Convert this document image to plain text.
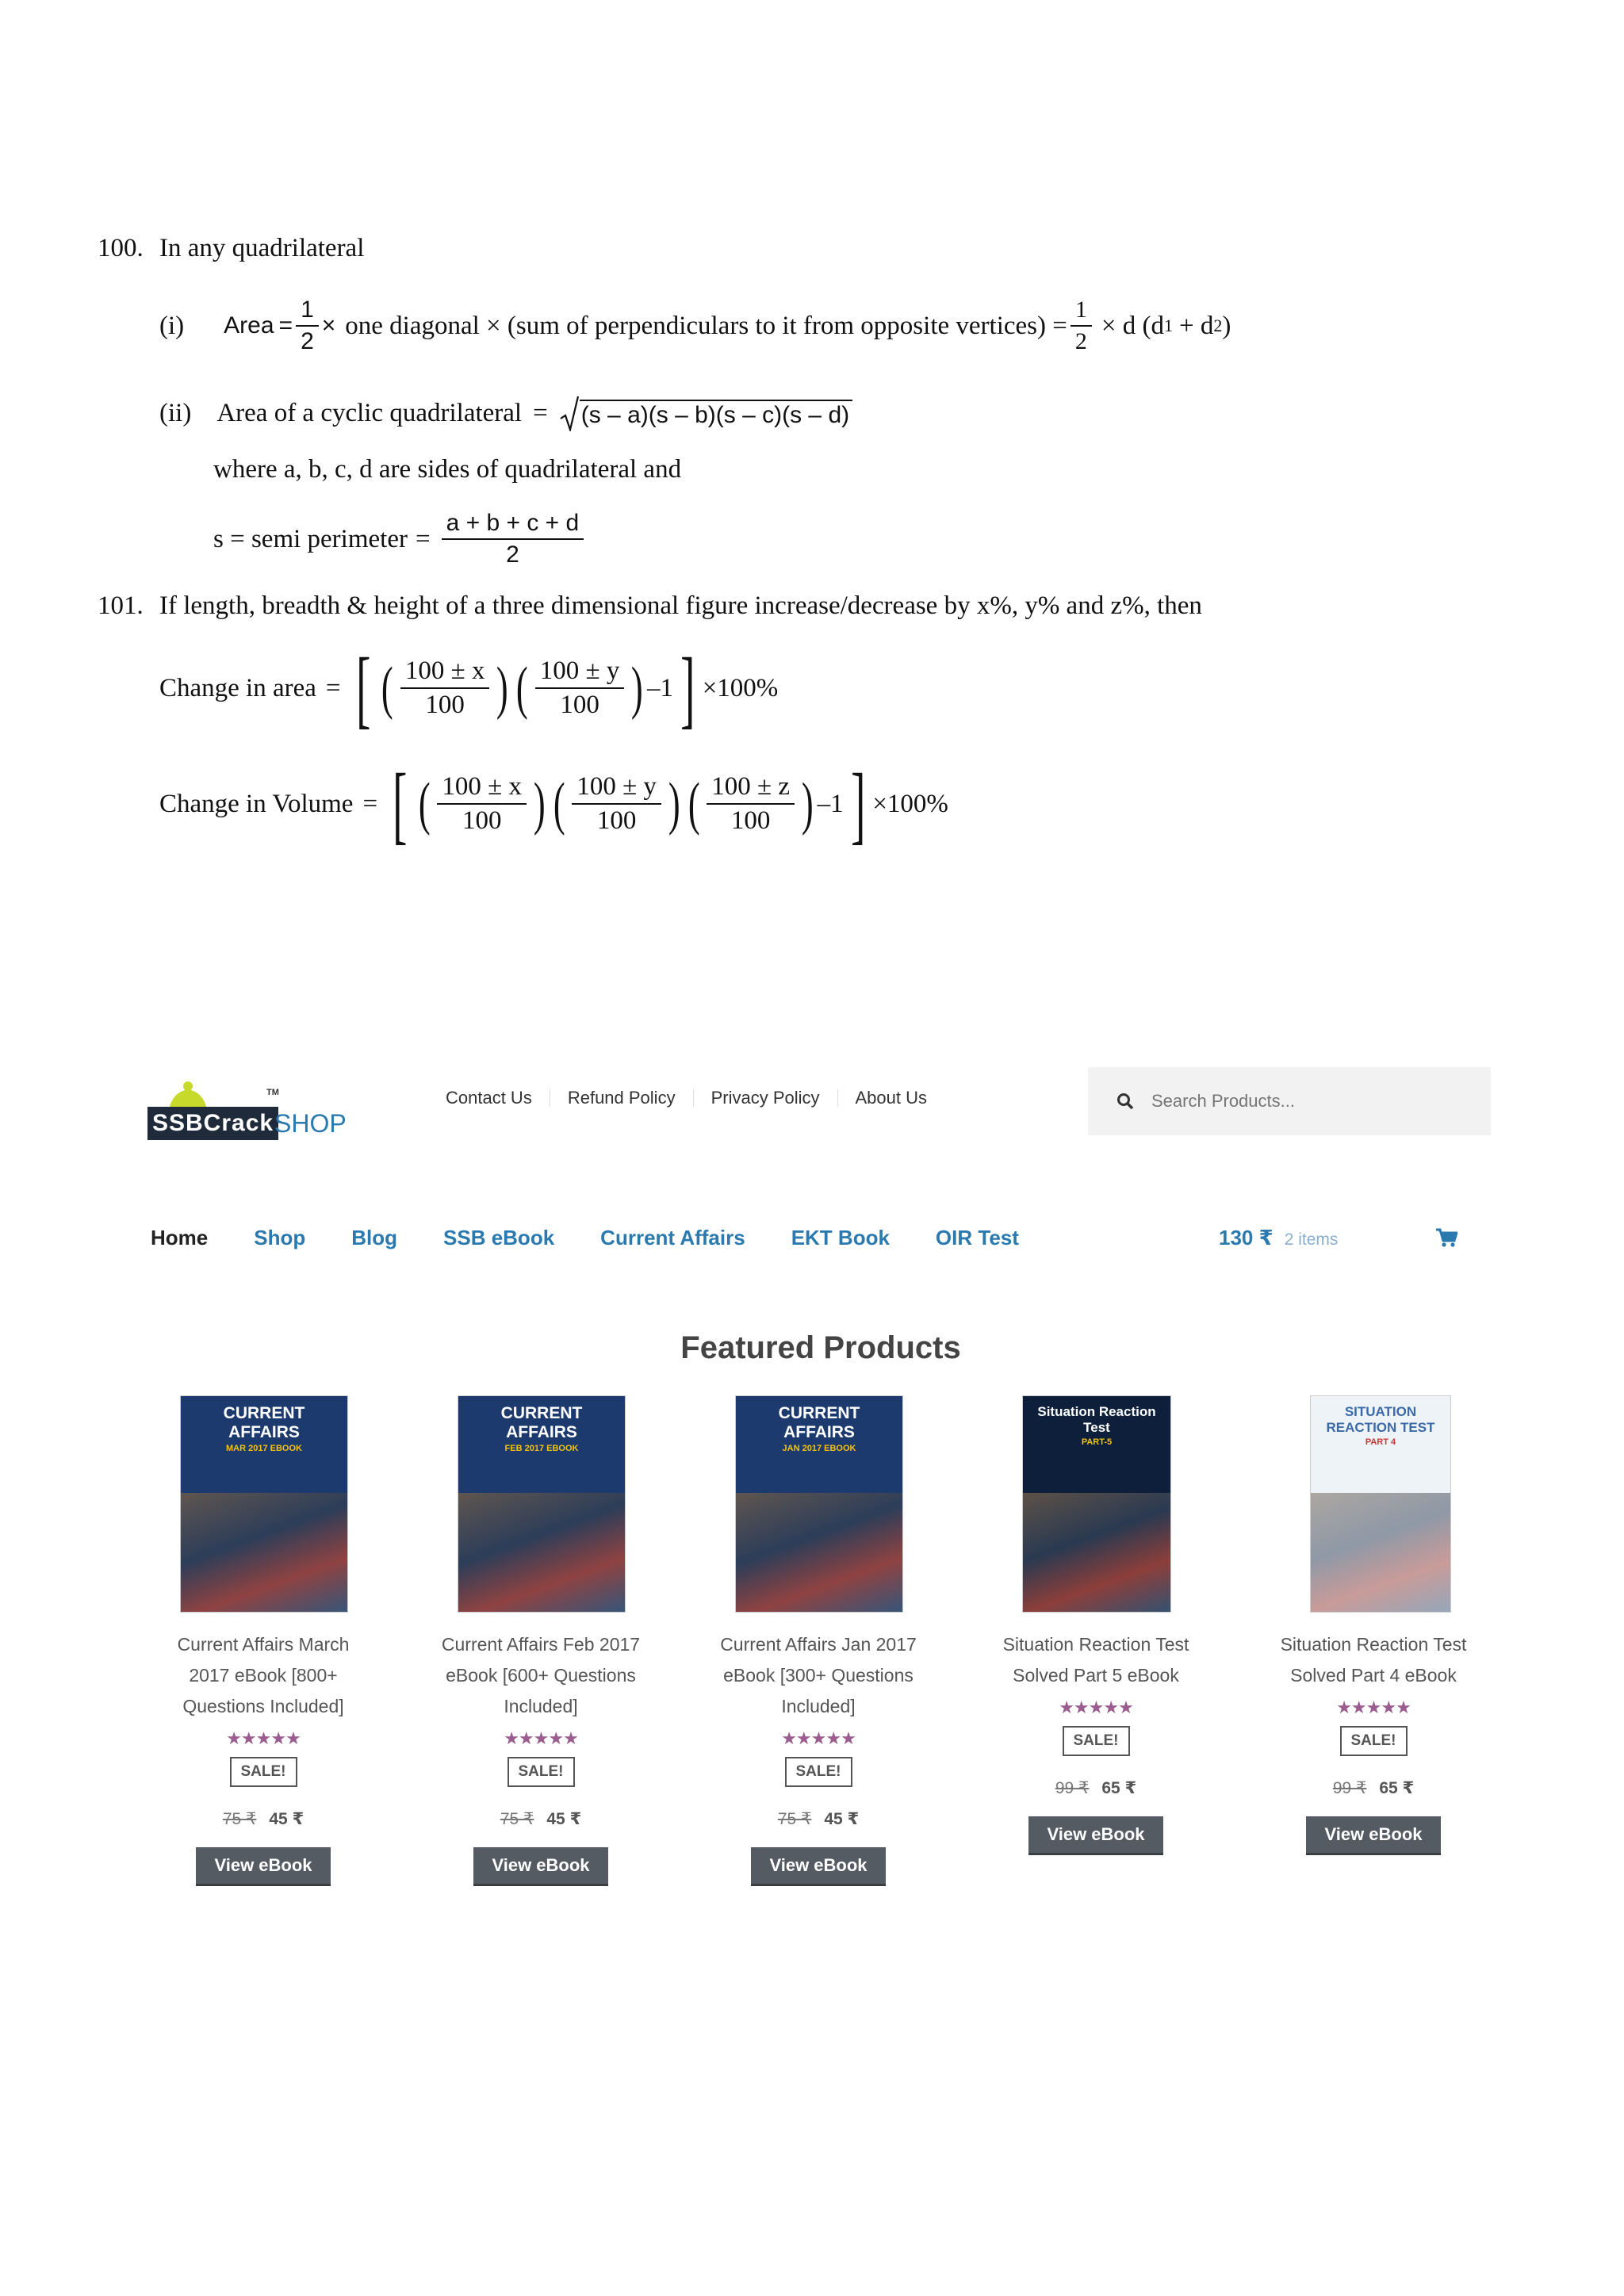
100. In any quadrilateral
(i) Area = $\frac{1}{2}$ × one diagonal × (sum of perpendiculars to it from opposite vertices) = $\frac{1}{2} \times d$ (d 1 + d 2 )
(ii) Area of a cyclic quadrilateral = (s – a)(s – b)(s – c)(s – d)
where a, b, c, d are sides of quadrilateral and
s = semi perimeter = $\frac{a + b + c + d}{2}$
101. If length, breadth & height of a three dimensional figure increase/decrease by x%, y% and z%, then
Change in area = [ ( $\frac{100 \pm x}{100}$ ) ( $\frac{100 \pm y}{100}$ ) –1 ] ×100%
Change in Volume = [ ( $\frac{100 \pm x}{100}$ ) ( $\frac{100 \pm y}{100}$ ) ( $\frac{100 \pm z}{100}$ ) –1 ] ×100%
SSBCrack SHOP
TM	Contact Us Refund Policy Privacy Policy About Us
Search Products...
Home Shop Blog SSB eBook Current Affairs EKT Book OIR Test	130 ₹ 2 items
Featured Products
CURRENT
AFFAIRS
MAR 2017 EBOOK
Current Affairs March
2017 eBook [800+
Questions Included]
★★★★★
SALE!
75 ₹ 45 ₹
View eBook
CURRENT
AFFAIRS
FEB 2017 EBOOK
Current Affairs Feb 2017
eBook [600+ Questions
Included]
★★★★★
SALE!
75 ₹ 45 ₹
View eBook
CURRENT
AFFAIRS
JAN 2017 EBOOK
Current Affairs Jan 2017
eBook [300+ Questions
Included]
★★★★★
SALE!
75 ₹ 45 ₹
View eBook
Situation Reaction
Test
PART-5
Situation Reaction Test
Solved Part 5 eBook
★★★★★
SALE!
99 ₹ 65 ₹
View eBook
SITUATION
REACTION TEST
PART 4
Situation Reaction Test
Solved Part 4 eBook
★★★★★
SALE!
99 ₹ 65 ₹
View eBook
